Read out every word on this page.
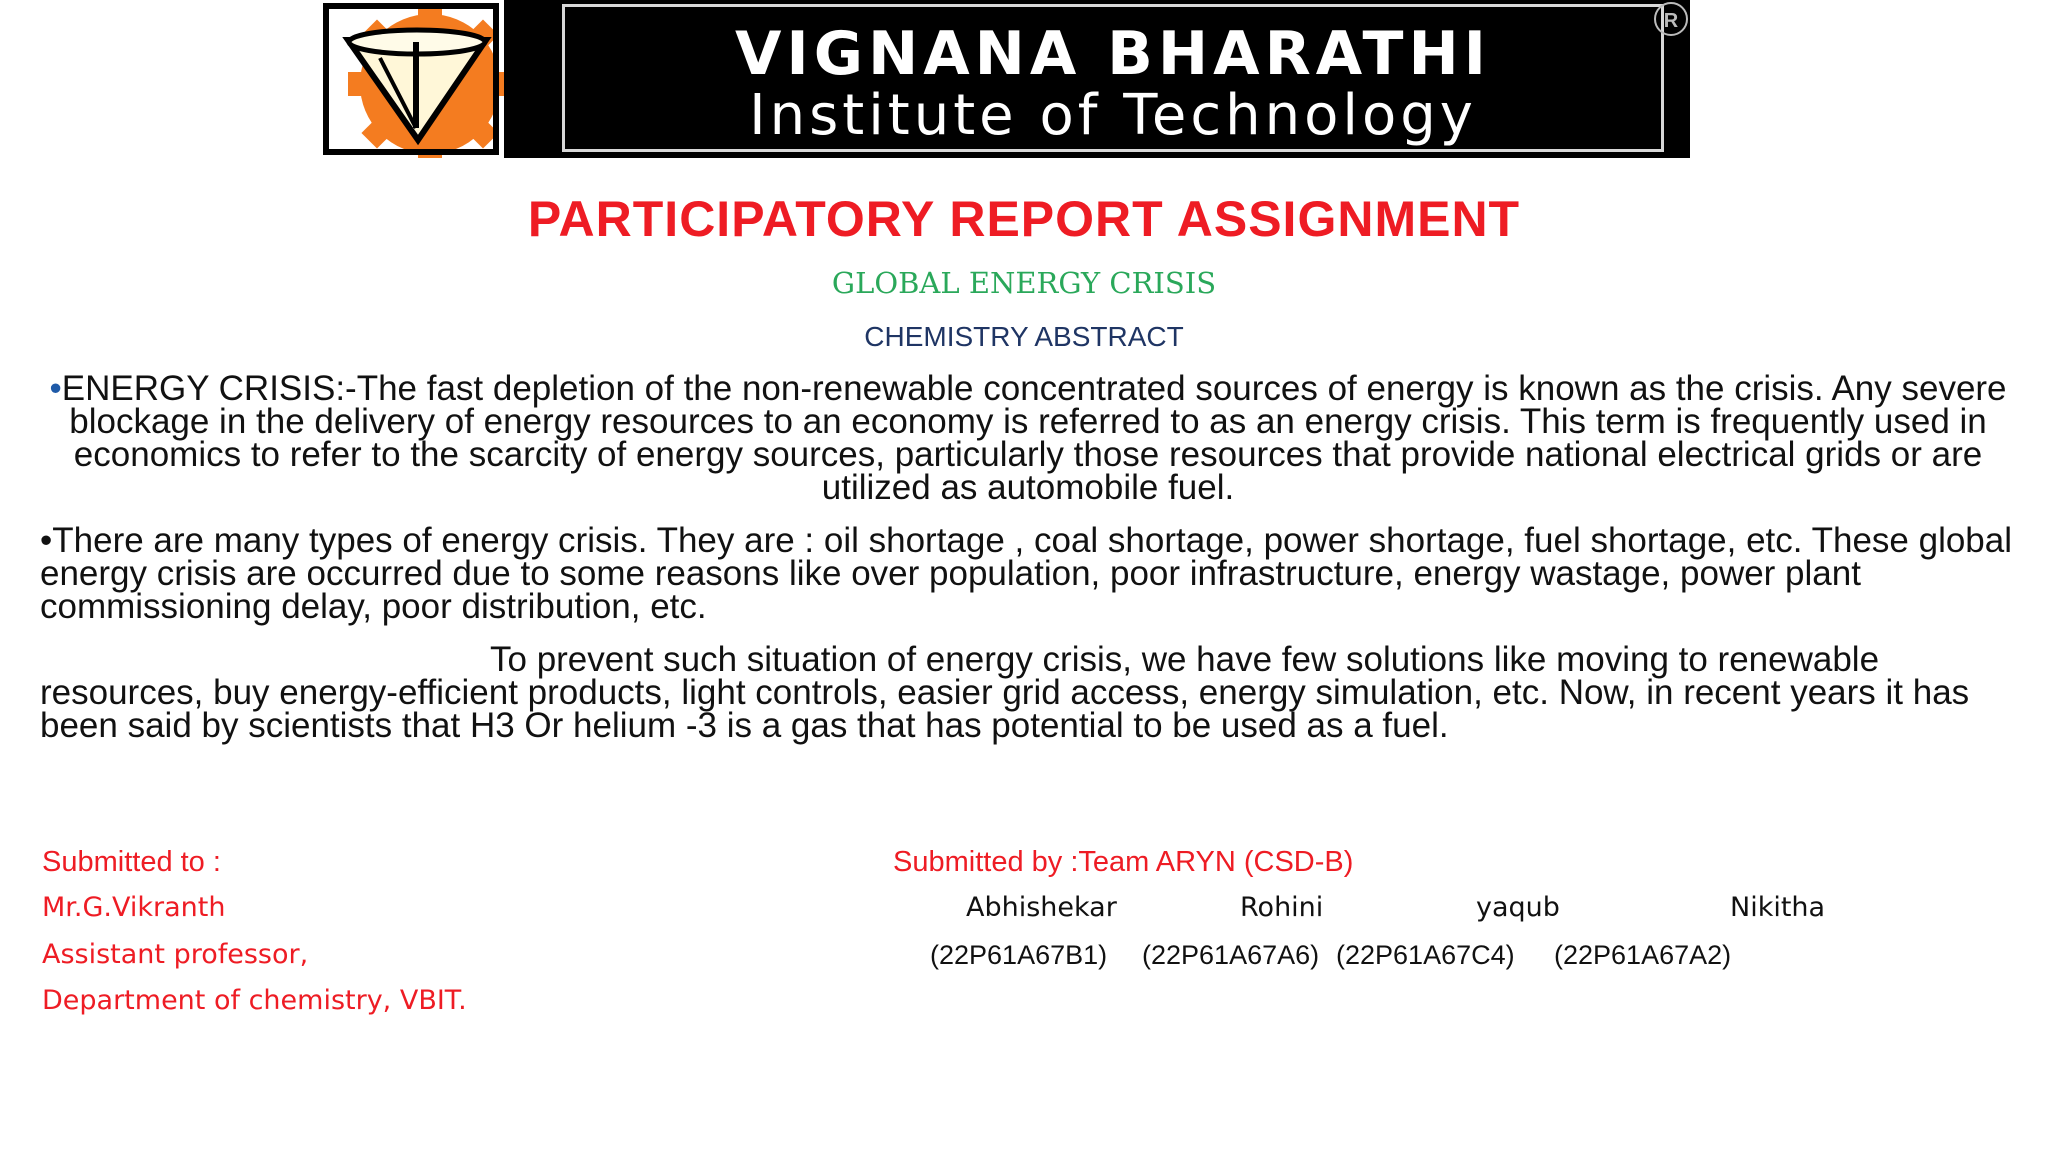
VIGNANA BHARATHI
Institute of Technology
R
PARTICIPATORY REPORT ASSIGNMENT
GLOBAL ENERGY CRISIS
CHEMISTRY ABSTRACT
•ENERGY CRISIS:-The fast depletion of the non-renewable concentrated sources of energy is known as the crisis. Any severe blockage in the delivery of energy resources to an economy is referred to as an energy crisis. This term is frequently used in economics to refer to the scarcity of energy sources, particularly those resources that provide national electrical grids or are utilized as automobile fuel.
•There are many types of energy crisis. They are : oil shortage , coal shortage, power shortage, fuel shortage, etc. These global energy crisis are occurred due to some reasons like over population, poor infrastructure, energy wastage, power plant commissioning delay, poor distribution, etc.
To prevent such situation of energy crisis, we have few solutions like moving to renewable resources, buy energy-efficient products, light controls, easier grid access, energy simulation, etc. Now, in recent years it has been said by scientists that H3 Or helium -3 is a gas that has potential to be used as a fuel.
Submitted to :
Mr.G.Vikranth
Assistant professor,
Department of chemistry, VBIT.
Submitted by :Team ARYN (CSD-B)
Abhishekar	Rohini	yaqub	Nikitha
(22P61A67B1) (22P61A67A6) (22P61A67C4) (22P61A67A2)
